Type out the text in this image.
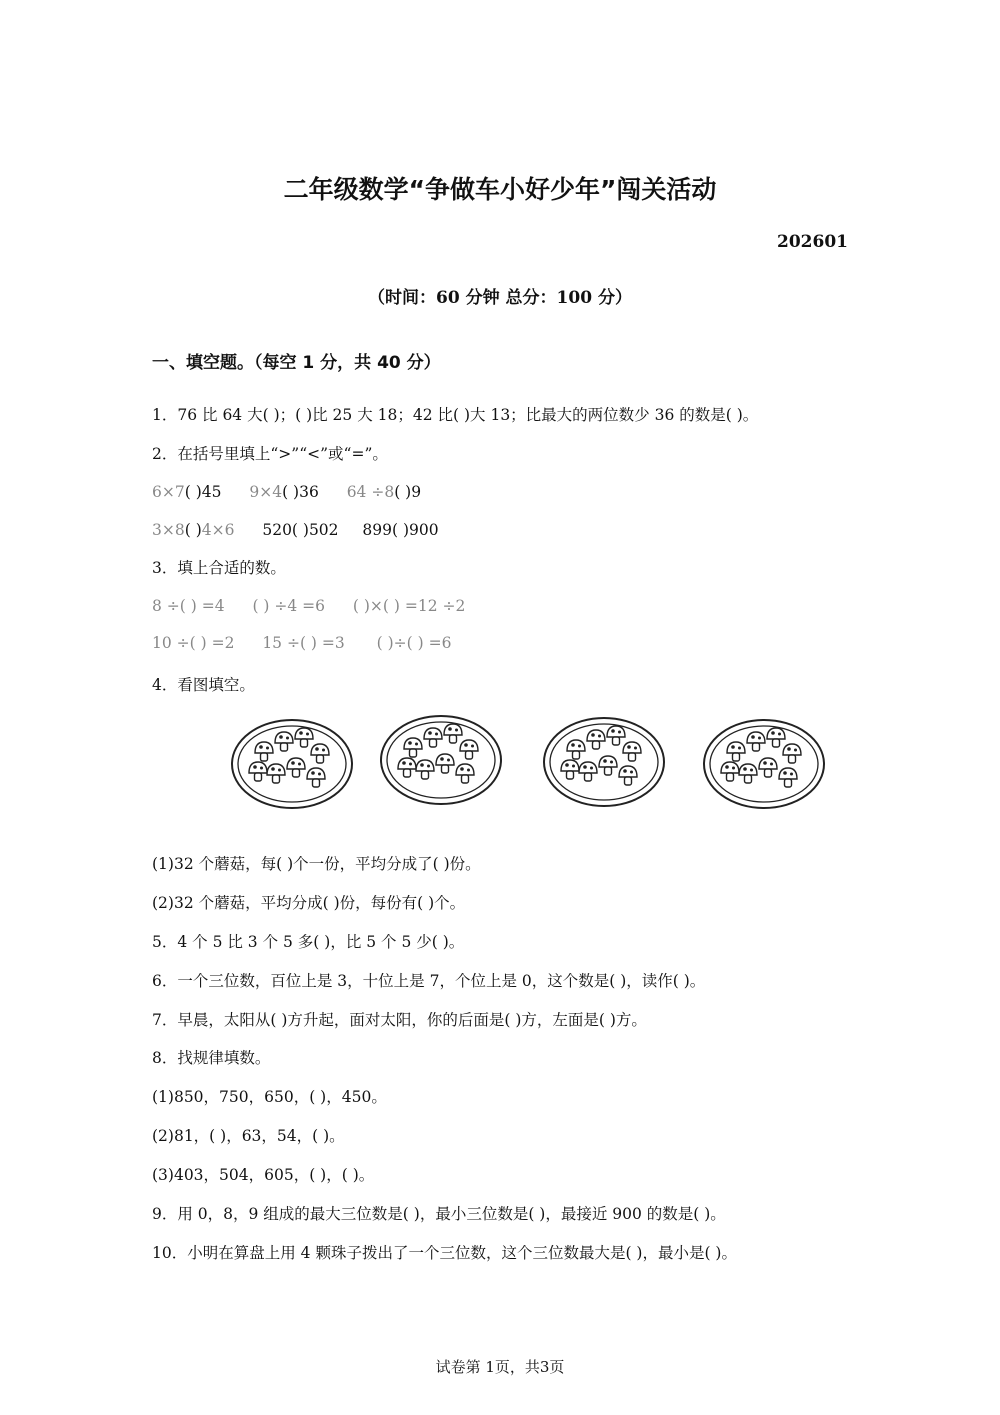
二年级数学“争做车小好少年”闯关活动
202601
（时间：60 分钟 总分：100 分）
一、填空题。（每空 1 分，共 40 分）
1．76 比 64 大( )；( )比 25 大 18；42 比( )大 13；比最大的两位数少 36 的数是( )。
2．在括号里填上“>”“<”或“=”。
6×7( )45 9×4( )36 64 ÷8( )9
3×8( )4×6 520( )502 899( )900
3．填上合适的数。
8 ÷( ) =4 ( ) ÷4 =6 ( )×( ) =12 ÷2
10 ÷( ) =2 15 ÷( ) =3 ( )÷( ) =6
4．看图填空。
(1)32 个蘑菇，每( )个一份，平均分成了( )份。
(2)32 个蘑菇，平均分成( )份，每份有( )个。
5．4 个 5 比 3 个 5 多( )，比 5 个 5 少( )。
6．一个三位数，百位上是 3，十位上是 7，个位上是 0，这个数是( )，读作( )。
7．早晨，太阳从( )方升起，面对太阳，你的后面是( )方，左面是( )方。
8．找规律填数。
(1)850，750，650，( )，450。
(2)81，( )，63，54，( )。
(3)403，504，605，( )，( )。
9．用 0，8，9 组成的最大三位数是( )，最小三位数是( )，最接近 900 的数是( )。
10．小明在算盘上用 4 颗珠子拨出了一个三位数，这个三位数最大是( )，最小是( )。
试卷第 1页，共3页
